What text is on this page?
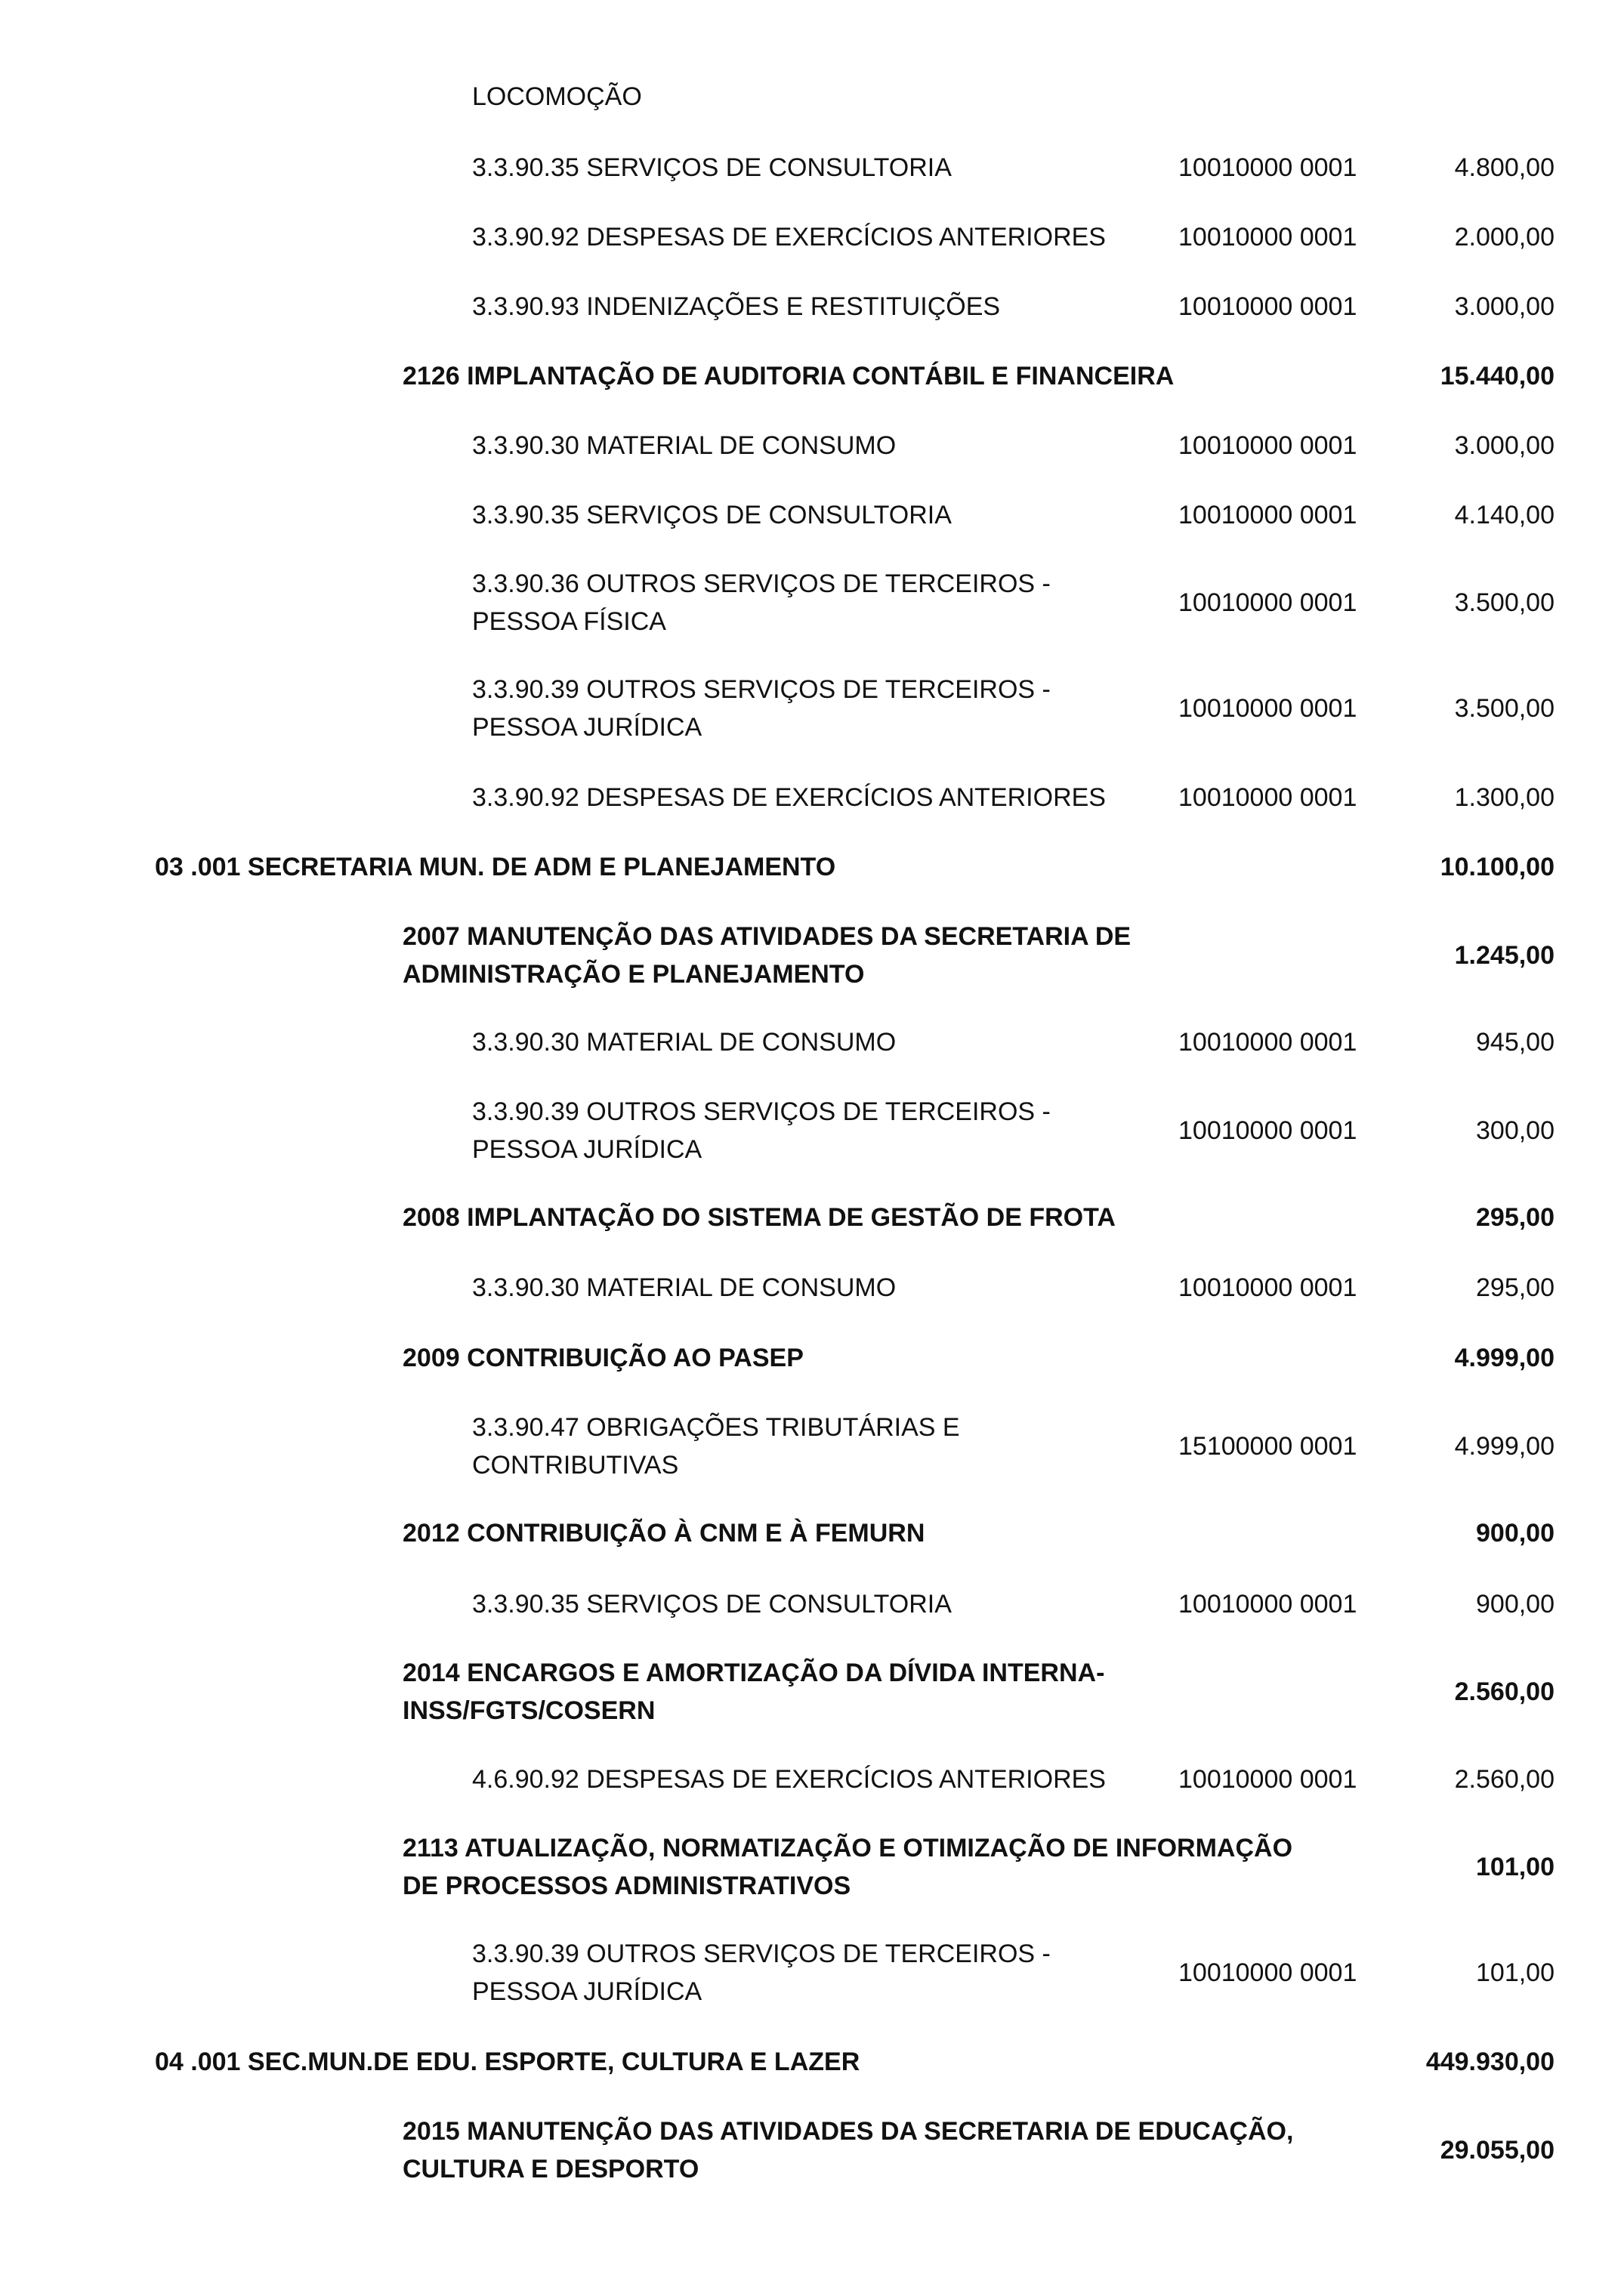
LOCOMOÇÃO
3.3.90.35 SERVIÇOS DE CONSULTORIA	10010000 0001	4.800,00
3.3.90.92 DESPESAS DE EXERCÍCIOS ANTERIORES	10010000 0001	2.000,00
3.3.90.93 INDENIZAÇÕES E RESTITUIÇÕES	10010000 0001	3.000,00
2126 IMPLANTAÇÃO DE AUDITORIA CONTÁBIL E FINANCEIRA	15.440,00
3.3.90.30 MATERIAL DE CONSUMO	10010000 0001	3.000,00
3.3.90.35 SERVIÇOS DE CONSULTORIA	10010000 0001	4.140,00
3.3.90.36 OUTROS SERVIÇOS DE TERCEIROS -
PESSOA FÍSICA
10010000 0001	3.500,00
3.3.90.39 OUTROS SERVIÇOS DE TERCEIROS -
PESSOA JURÍDICA
10010000 0001	3.500,00
3.3.90.92 DESPESAS DE EXERCÍCIOS ANTERIORES	10010000 0001	1.300,00
03 .001 SECRETARIA MUN. DE ADM E PLANEJAMENTO	10.100,00
2007 MANUTENÇÃO DAS ATIVIDADES DA SECRETARIA DE
ADMINISTRAÇÃO E PLANEJAMENTO
1.245,00
3.3.90.30 MATERIAL DE CONSUMO	10010000 0001	945,00
3.3.90.39 OUTROS SERVIÇOS DE TERCEIROS -
PESSOA JURÍDICA
10010000 0001	300,00
2008 IMPLANTAÇÃO DO SISTEMA DE GESTÃO DE FROTA	295,00
3.3.90.30 MATERIAL DE CONSUMO	10010000 0001	295,00
2009 CONTRIBUIÇÃO AO PASEP	4.999,00
3.3.90.47 OBRIGAÇÕES TRIBUTÁRIAS E
CONTRIBUTIVAS
15100000 0001	4.999,00
2012 CONTRIBUIÇÃO À CNM E À FEMURN	900,00
3.3.90.35 SERVIÇOS DE CONSULTORIA	10010000 0001	900,00
2014 ENCARGOS E AMORTIZAÇÃO DA DÍVIDA INTERNA-
INSS/FGTS/COSERN
2.560,00
4.6.90.92 DESPESAS DE EXERCÍCIOS ANTERIORES	10010000 0001	2.560,00
2113 ATUALIZAÇÃO, NORMATIZAÇÃO E OTIMIZAÇÃO DE INFORMAÇÃO
DE PROCESSOS ADMINISTRATIVOS
101,00
3.3.90.39 OUTROS SERVIÇOS DE TERCEIROS -
PESSOA JURÍDICA
10010000 0001	101,00
04 .001 SEC.MUN.DE EDU. ESPORTE, CULTURA E LAZER	449.930,00
2015 MANUTENÇÃO DAS ATIVIDADES DA SECRETARIA DE EDUCAÇÃO,
CULTURA E DESPORTO
29.055,00
